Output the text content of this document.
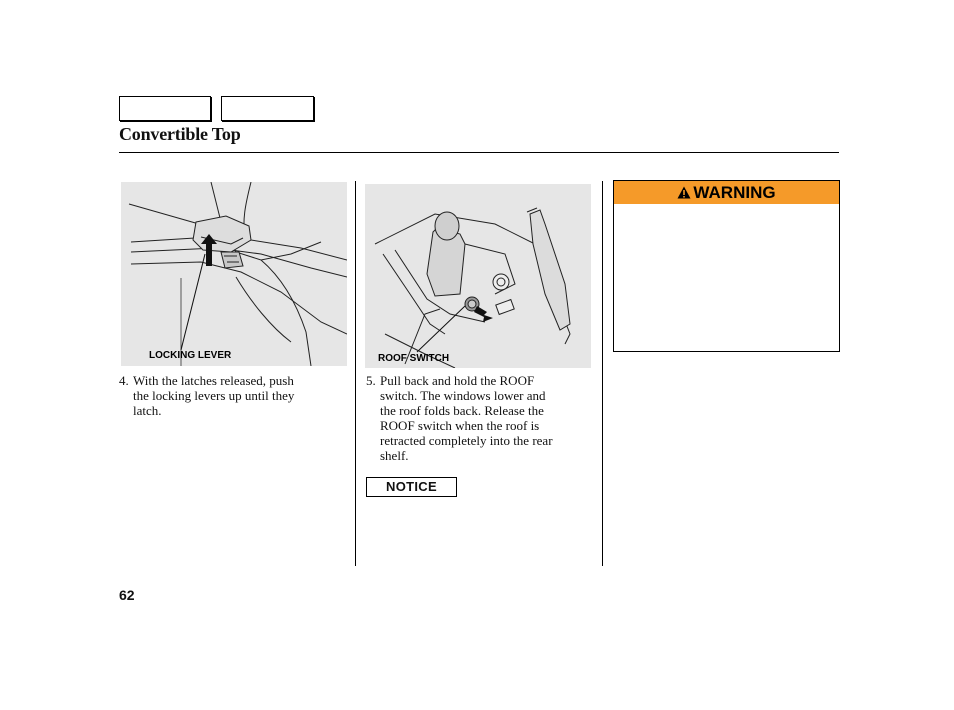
Convertible Top
LOCKING LEVER	ROOF SWITCH
4. With the latches released, push
the locking levers up until they
latch.
5. Pull back and hold the ROOF
switch. The windows lower and
the roof folds back. Release the
ROOF switch when the roof is
retracted completely into the rear
shelf.
NOTICE
WARNING
62
